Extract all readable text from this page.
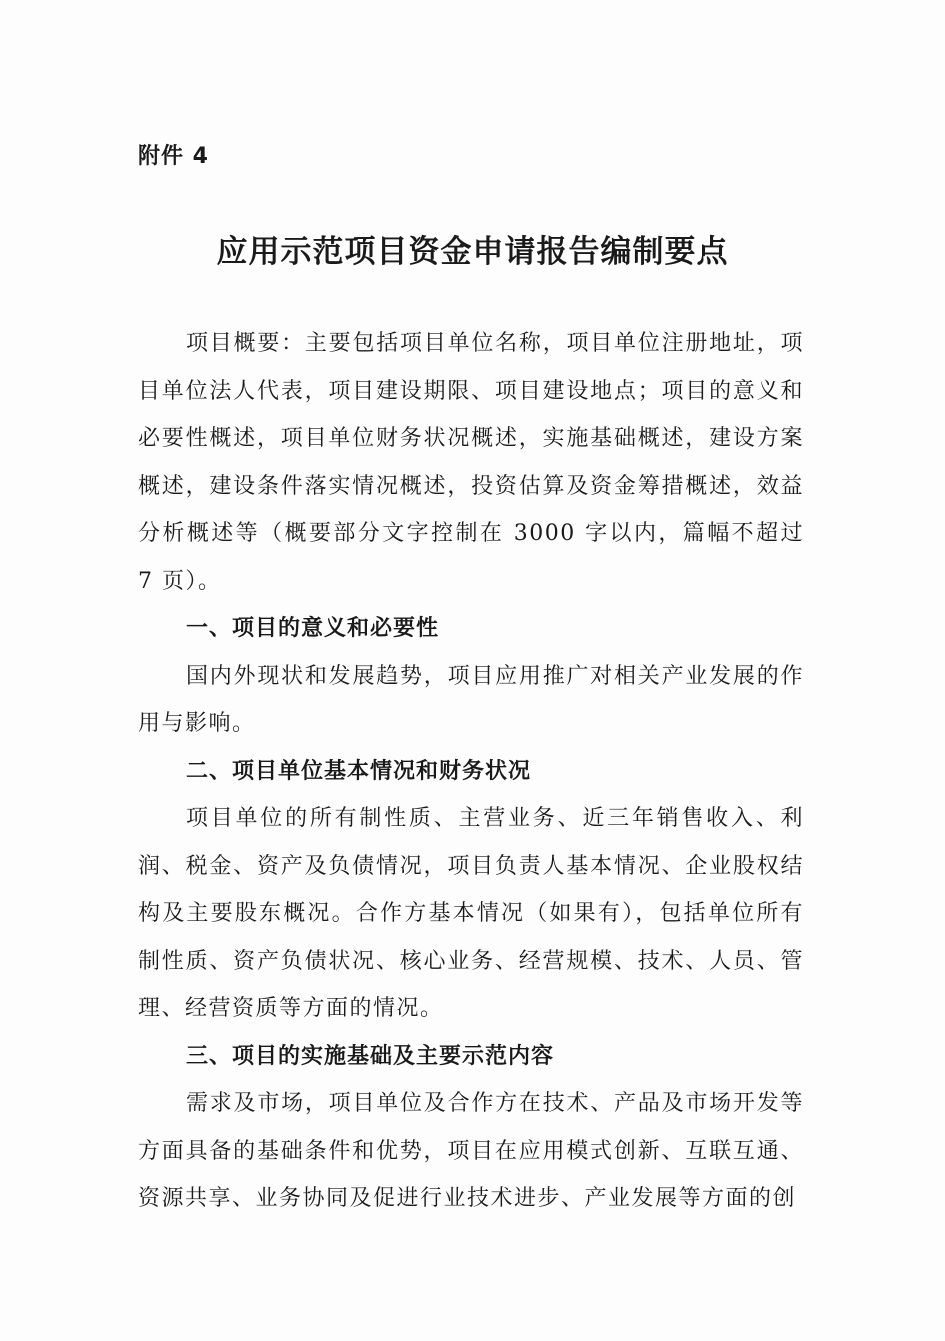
附件 4
应用示范项目资金申请报告编制要点

项目概要：主要包括项目单位名称，项目单位注册地址，项目单位法人代表，项目建设期限、项目建设地点；项目的意义和必要性概述，项目单位财务状况概述，实施基础概述，建设方案概述，建设条件落实情况概述，投资估算及资金筹措概述，效益分析概述等（概要部分文字控制在 3000 字以内，篇幅不超过 7 页）。

一、项目的意义和必要性

国内外现状和发展趋势，项目应用推广对相关产业发展的作用与影响。

二、项目单位基本情况和财务状况

项目单位的所有制性质、主营业务、近三年销售收入、利润、税金、资产及负债情况，项目负责人基本情况、企业股权结构及主要股东概况。合作方基本情况（如果有），包括单位所有制性质、资产负债状况、核心业务、经营规模、技术、人员、管理、经营资质等方面的情况。

三、项目的实施基础及主要示范内容

需求及市场，项目单位及合作方在技术、产品及市场开发等方面具备的基础条件和优势，项目在应用模式创新、互联互通、资源共享、业务协同及促进行业技术进步、产业发展等方面的创
